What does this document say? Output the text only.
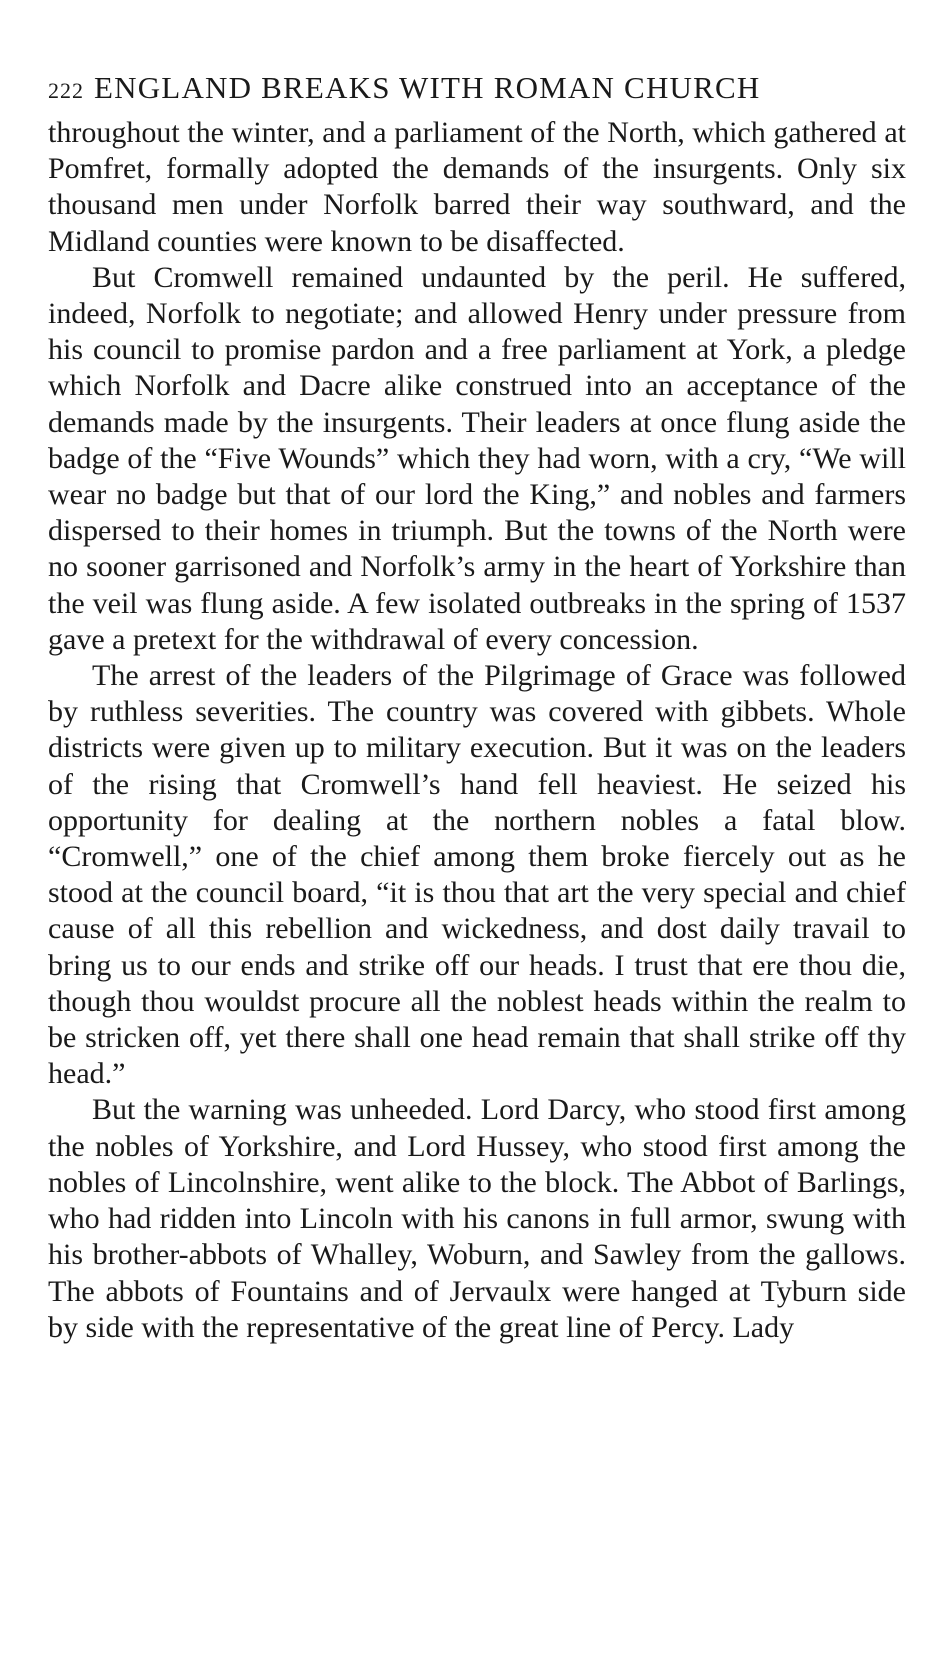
222 ENGLAND BREAKS WITH ROMAN CHURCH

throughout the winter, and a parliament of the North, which gathered at Pomfret, formally adopted the demands of the insurgents. Only six thousand men under Norfolk barred their way southward, and the Midland counties were known to be disaffected.

But Cromwell remained undaunted by the peril. He suffered, indeed, Norfolk to negotiate; and allowed Henry under pressure from his council to promise pardon and a free parliament at York, a pledge which Norfolk and Dacre alike construed into an acceptance of the demands made by the insurgents. Their leaders at once flung aside the badge of the “Five Wounds” which they had worn, with a cry, “We will wear no badge but that of our lord the King,” and nobles and farmers dispersed to their homes in triumph. But the towns of the North were no sooner garrisoned and Norfolk’s army in the heart of Yorkshire than the veil was flung aside. A few isolated outbreaks in the spring of 1537 gave a pretext for the withdrawal of every concession.

The arrest of the leaders of the Pilgrimage of Grace was followed by ruthless severities. The country was covered with gibbets. Whole districts were given up to military execution. But it was on the leaders of the rising that Cromwell’s hand fell heaviest. He seized his opportunity for dealing at the northern nobles a fatal blow. “Cromwell,” one of the chief among them broke fiercely out as he stood at the council board, “it is thou that art the very special and chief cause of all this rebellion and wickedness, and dost daily travail to bring us to our ends and strike off our heads. I trust that ere thou die, though thou wouldst procure all the noblest heads within the realm to be stricken off, yet there shall one head remain that shall strike off thy head.”

But the warning was unheeded. Lord Darcy, who stood first among the nobles of Yorkshire, and Lord Hussey, who stood first among the nobles of Lincolnshire, went alike to the block. The Abbot of Barlings, who had ridden into Lincoln with his canons in full armor, swung with his brother-abbots of Whalley, Woburn, and Sawley from the gallows. The abbots of Fountains and of Jervaulx were hanged at Tyburn side by side with the representative of the great line of Percy. Lady
